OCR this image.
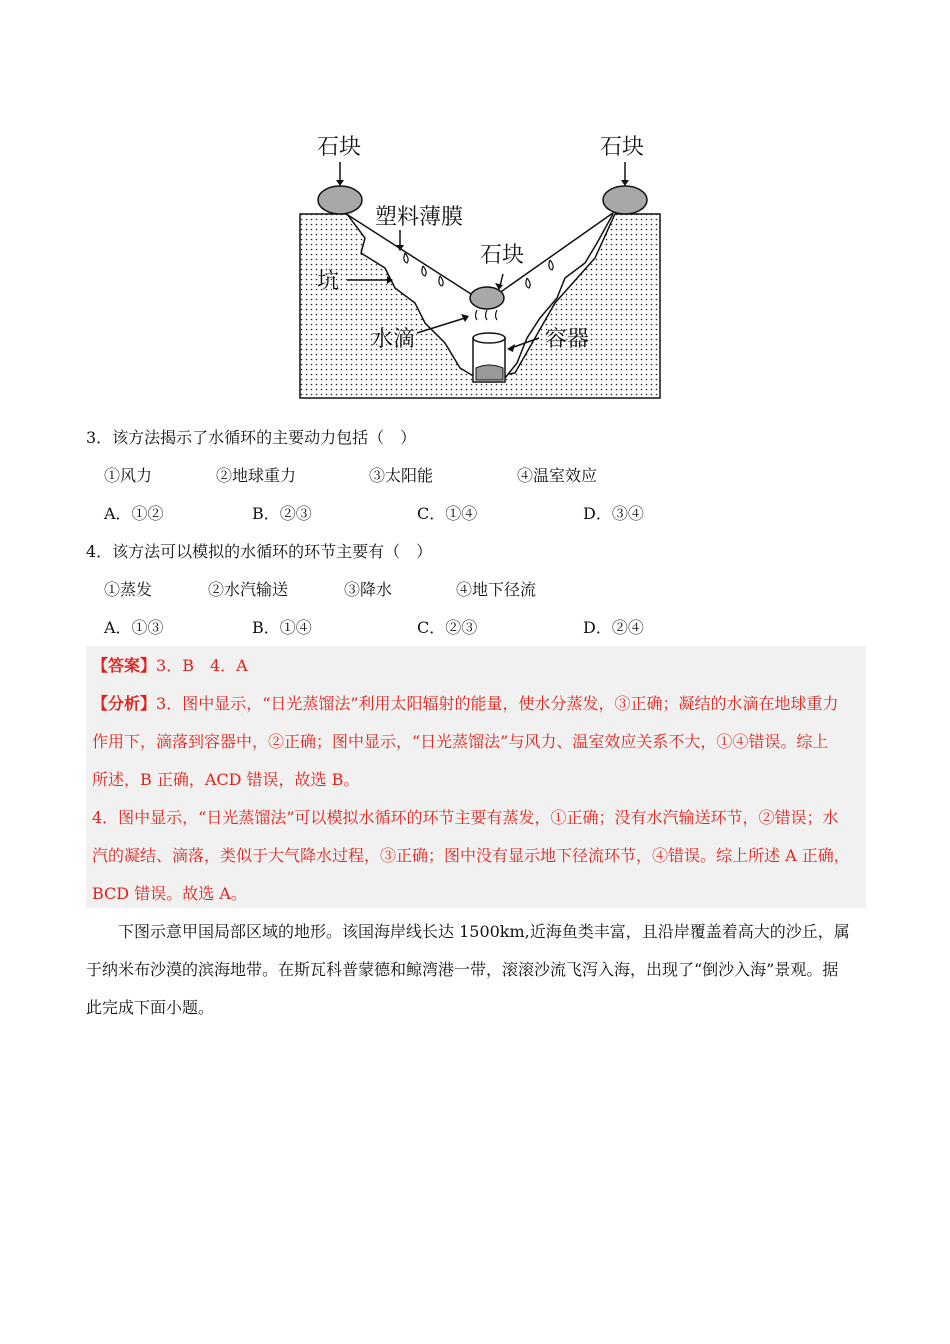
石块	石块
塑料薄膜
石块
坑
水滴	容器
3．该方法揭示了水循环的主要动力包括（　）
①风力	②地球重力	③太阳能	④温室效应
A．①②	B．②③	C．①④	D．③④
4．该方法可以模拟的水循环的环节主要有（　）
①蒸发	②水汽输送	③降水	④地下径流
A．①③	B．①④	C．②③	D．②④
【答案】3．B　4．A
【分析】3．图中显示，“日光蒸馏法”利用太阳辐射的能量，使水分蒸发，③正确；凝结的水滴在地球重力
作用下，滴落到容器中，②正确；图中显示，“日光蒸馏法”与风力、温室效应关系不大，①④错误。综上
所述，B 正确，ACD 错误，故选 B。
4．图中显示，“日光蒸馏法”可以模拟水循环的环节主要有蒸发，①正确；没有水汽输送环节，②错误；水
汽的凝结、滴落，类似于大气降水过程，③正确；图中没有显示地下径流环节，④错误。综上所述 A 正确，
BCD 错误。故选 A。
　　下图示意甲国局部区域的地形。该国海岸线长达 1500km,近海鱼类丰富，且沿岸覆盖着高大的沙丘，属
于纳米布沙漠的滨海地带。在斯瓦科普蒙德和鲸湾港一带，滚滚沙流飞泻入海，出现了“倒沙入海”景观。据
此完成下面小题。
